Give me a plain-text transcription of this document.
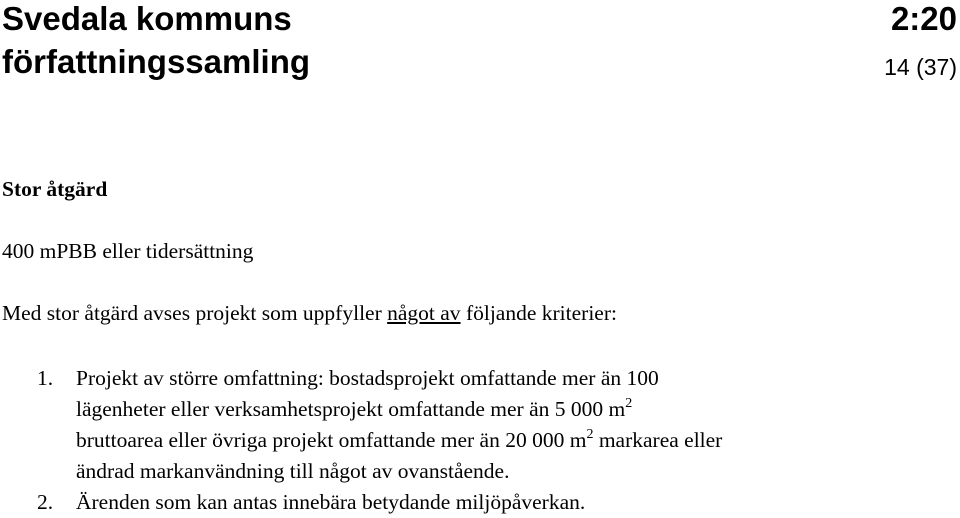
Svedala kommuns
författningssamling
2:20
14 (37)
Stor åtgärd
400 mPBB eller tidersättning
Med stor åtgärd avses projekt som uppfyller något av följande kriterier:
1. Projekt av större omfattning: bostadsprojekt omfattande mer än 100
lägenheter eller verksamhetsprojekt omfattande mer än 5 000 $m^2$
bruttoarea eller övriga projekt omfattande mer än 20 000 $m^2$ markarea eller
ändrad markanvändning till något av ovanstående.
2. Ärenden som kan antas innebära betydande miljöpåverkan.
